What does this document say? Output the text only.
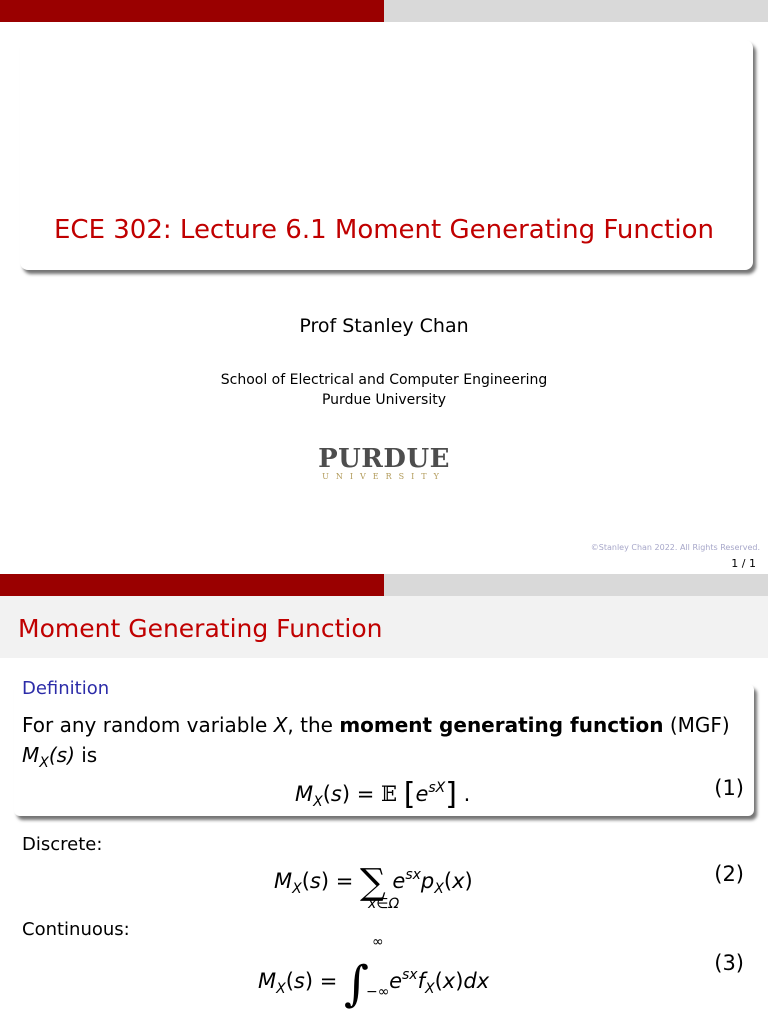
ECE 302: Lecture 6.1 Moment Generating Function
Prof Stanley Chan
School of Electrical and Computer Engineering
Purdue University
PURDUE
UNIVERSITY
©Stanley Chan 2022. All Rights Reserved.
1 / 1
Moment Generating Function
Definition
For any random variable X, the moment generating function (MGF)
$M_X(s)$ is
$M_X(s)$ = 𝔼 $[e^{sX}]$ .	(1)
Discrete:
$M_X(s)$ = ∑ $e^{sx}p_X(x)$
x∈Ω
(2)
Continuous:
$M_X(s)$ = ∫ $e^{sx}f_X(x)dx$
∞
−∞
(3)
